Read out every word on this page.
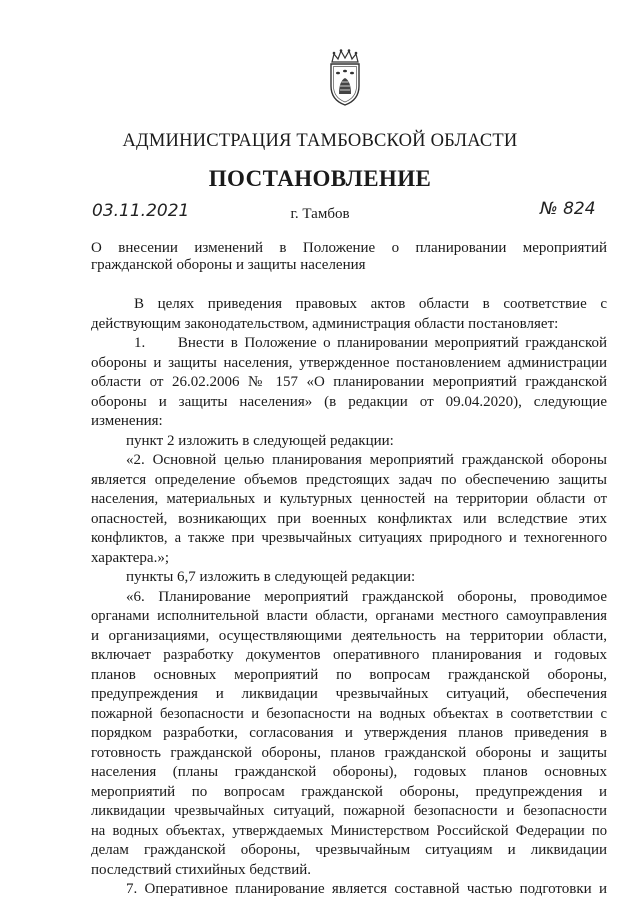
АДМИНИСТРАЦИЯ ТАМБОВСКОЙ ОБЛАСТИ
ПОСТАНОВЛЕНИЕ
03.11.2021	г. Тамбов	№ 824
О внесении изменений в Положение о планировании мероприятий
гражданской обороны и защиты населения
В целях приведения правовых актов области в соответствие с
действующим законодательством, администрация области постановляет:
1.     Внести в Положение о планировании мероприятий гражданской
обороны и защиты населения, утвержденное постановлением администрации
области от 26.02.2006 № 157 «О планировании мероприятий гражданской
обороны и защиты населения» (в редакции от 09.04.2020), следующие
изменения:
пункт 2 изложить в следующей редакции:
«2. Основной целью планирования мероприятий гражданской обороны
является определение объемов предстоящих задач по обеспечению защиты
населения, материальных и культурных ценностей на территории области от
опасностей, возникающих при военных конфликтах или вследствие этих
конфликтов, а также при чрезвычайных ситуациях природного и техногенного
характера.»;
пункты 6,7 изложить в следующей редакции:
«6. Планирование мероприятий гражданской обороны, проводимое
органами исполнительной власти области, органами местного самоуправления
и организациями, осуществляющими деятельность на территории области,
включает разработку документов оперативного планирования и годовых
планов основных мероприятий по вопросам гражданской обороны,
предупреждения и ликвидации чрезвычайных ситуаций, обеспечения
пожарной безопасности и безопасности на водных объектах в соответствии с
порядком разработки, согласования и утверждения планов приведения в
готовность гражданской обороны, планов гражданской обороны и защиты
населения (планы гражданской обороны), годовых планов основных
мероприятий по вопросам гражданской обороны, предупреждения и
ликвидации чрезвычайных ситуаций, пожарной безопасности и безопасности
на водных объектах, утверждаемых Министерством Российской Федерации по
делам гражданской обороны, чрезвычайным ситуациям и ликвидации
последствий стихийных бедствий.
7. Оперативное планирование является составной частью подготовки и
